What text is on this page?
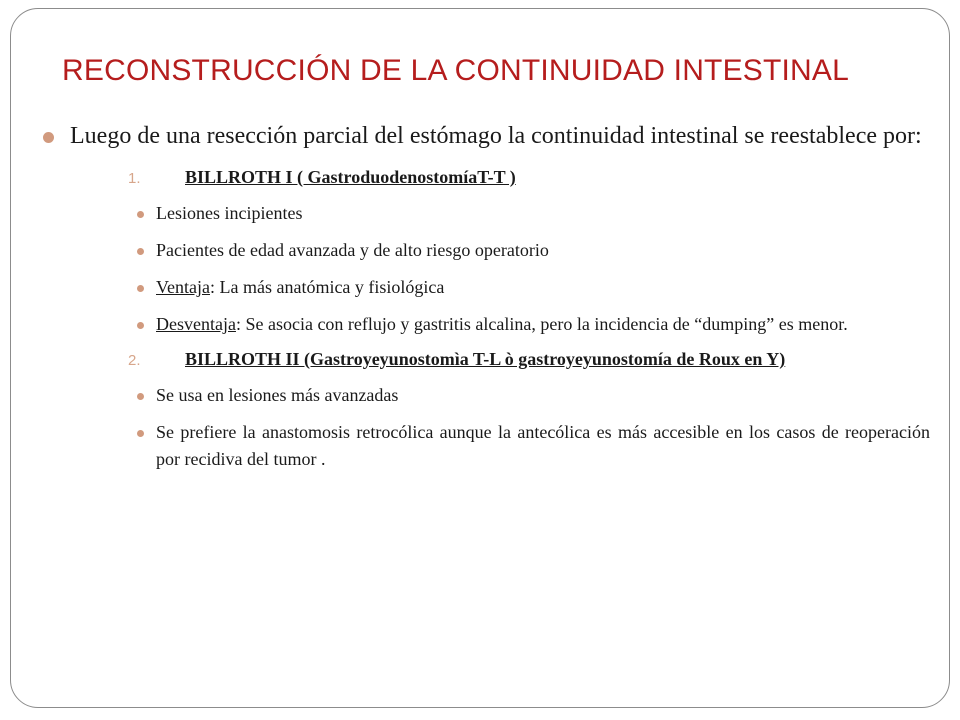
RECONSTRUCCIÓN DE LA CONTINUIDAD INTESTINAL
Luego de una resección parcial del estómago la continuidad intestinal se reestablece por:
1. BILLROTH I ( GastroduodenostomíaT-T )
Lesiones incipientes
Pacientes de edad avanzada y de alto riesgo operatorio
Ventaja: La más anatómica y fisiológica
Desventaja: Se asocia con reflujo y gastritis alcalina, pero la incidencia de “dumping” es menor.
2. BILLROTH II (Gastroyeyunostomìa T-L ò gastroyeyunostomía de Roux en Y)
Se usa en lesiones más avanzadas
Se prefiere la anastomosis retrocólica aunque la antecólica es más accesible en los casos de reoperación por recidiva del tumor .
